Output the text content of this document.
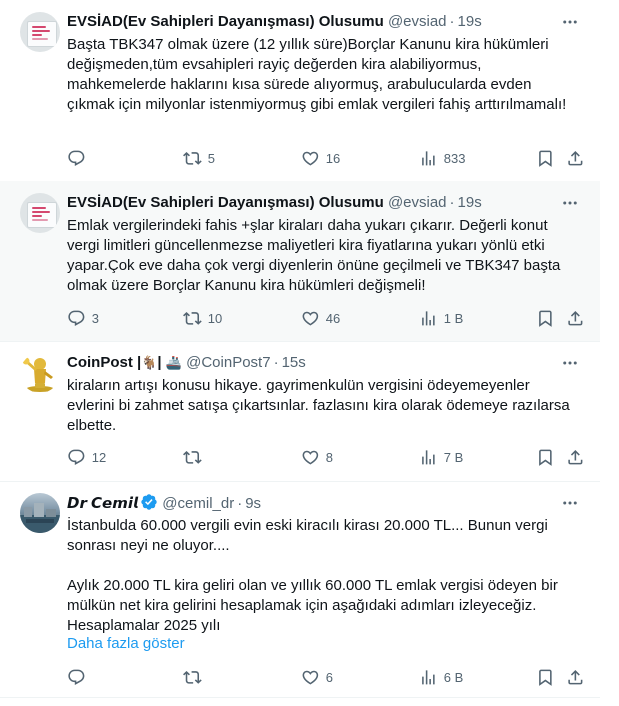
EVSİAD(Ev Sahipleri Dayanışması) Olusumu @evsiad · 19s
Başta TBK347 olmak üzere (12 yıllık süre)Borçlar Kanunu kira hükümleri değişmeden,tüm evsahipleri rayiç değerden kira alabiliyormus, mahkemelerde haklarını kısa sürede alıyormuş, arabulucularda evden çıkmak için milyonlar istenmiyormuş gibi emlak vergileri fahiş arttırılmamalı!
5	16	833
EVSİAD(Ev Sahipleri Dayanışması) Olusumu @evsiad · 19s
Emlak vergilerindeki fahis +şlar kiraları daha yukarı çıkarır. Değerli konut vergi limitleri güncellenmezse maliyetleri kira fiyatlarına yukarı yönlü etki yapar.Çok eve daha çok vergi diyenlerin önüne geçilmeli ve TBK347 başta olmak üzere Borçlar Kanunu kira hükümleri değişmeli!
3	10	46	1 B
CoinPost |🐐| 🚢 @CoinPost7 · 15s
kiraların artışı konusu hikaye. gayrimenkulün vergisini ödeyemeyenler evlerini bi zahmet satışa çıkartsınlar. fazlasını kira olarak ödemeye razılarsa elbette.
12	8	7 B
𝘿𝙧 𝘾𝙚𝙢𝙞𝙡 @cemil_dr · 9s
İstanbulda 60.000 vergili evin eski kiracılı kirası 20.000 TL... Bunun vergi sonrası neyi ne oluyor....

Aylık 20.000 TL kira geliri olan ve yıllık 60.000 TL emlak vergisi ödeyen bir mülkün net kira gelirini hesaplamak için aşağıdaki adımları izleyeceğiz.
Hesaplamalar 2025 yılı
Daha fazla göster
6	6 B
